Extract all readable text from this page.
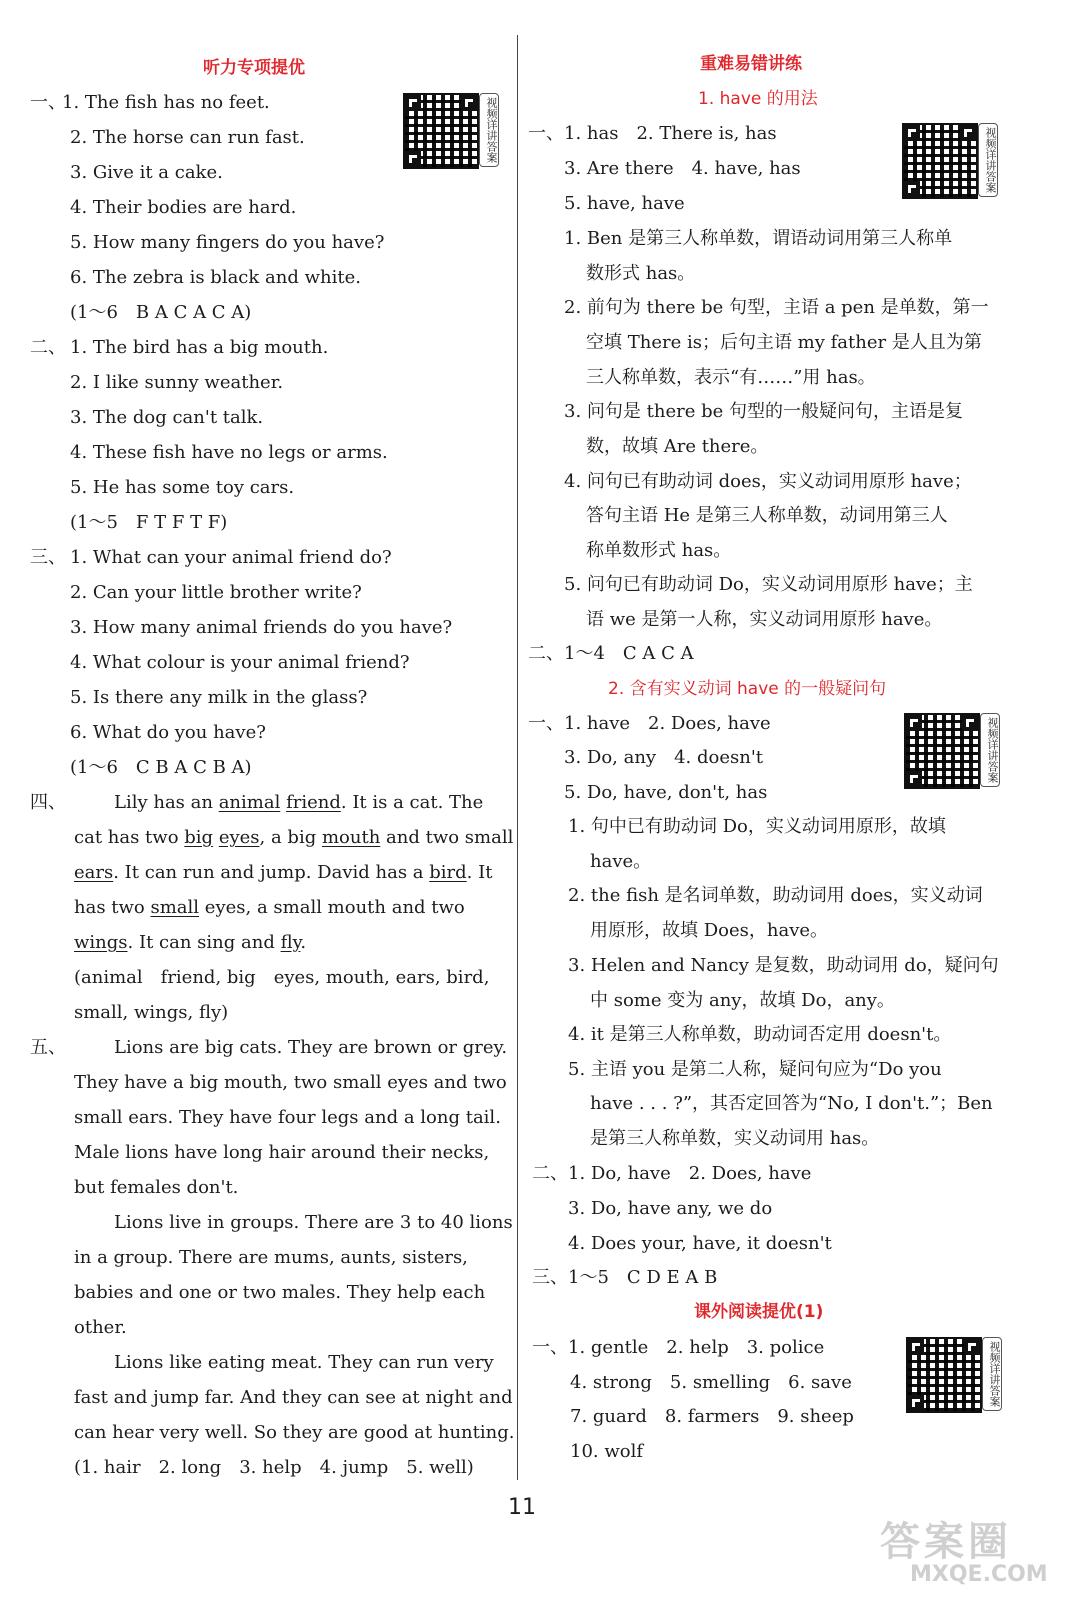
听力专项提优
视频详讲答案
一、
1. The fish has no feet.
2. The horse can run fast.
3. Give it a cake.
4. Their bodies are hard.
5. How many fingers do you have?
6. The zebra is black and white.
(1～6　B A C A C A)
二、 1. The bird has a big mouth.
2. I like sunny weather.
3. The dog can't talk.
4. These fish have no legs or arms.
5. He has some toy cars.
(1～5　F T F T F)
三、 1. What can your animal friend do?
2. Can your little brother write?
3. How many animal friends do you have?
4. What colour is your animal friend?
5. Is there any milk in the glass?
6. What do you have?
(1～6　C B A C B A)
四、	Lily has an animal friend. It is a cat. The
cat has two big eyes, a big mouth and two small
ears. It can run and jump. David has a bird. It
has two small eyes, a small mouth and two
wings. It can sing and fly.
(animal　friend, big　eyes, mouth, ears, bird,
small, wings, fly)
五、	Lions are big cats. They are brown or grey.
They have a big mouth, two small eyes and two
small ears. They have four legs and a long tail.
Male lions have long hair around their necks,
but females don't.
Lions live in groups. There are 3 to 40 lions
in a group. There are mums, aunts, sisters,
babies and one or two males. They help each
other.
Lions like eating meat. They can run very
fast and jump far. And they can see at night and
can hear very well. So they are good at hunting.
(1. hair　2. long　3. help　4. jump　5. well)
重难易错讲练
1. have 的用法
视频详讲答案
一、1. has　2. There is, has
3. Are there　4. have, has
5. have, have
1. Ben 是第三人称单数，谓语动词用第三人称单
数形式 has。
2. 前句为 there be 句型，主语 a pen 是单数，第一
空填 There is；后句主语 my father 是人且为第
三人称单数，表示“有……”用 has。
3. 问句是 there be 句型的一般疑问句，主语是复
数，故填 Are there。
4. 问句已有助动词 does，实义动词用原形 have；
答句主语 He 是第三人称单数，动词用第三人
称单数形式 has。
5. 问句已有助动词 Do，实义动词用原形 have；主
语 we 是第一人称，实义动词用原形 have。
二、1～4　C A C A
2. 含有实义动词 have 的一般疑问句
视频详讲答案
一、1. have　2. Does, have
3. Do, any　4. doesn't
5. Do, have, don't, has
1. 句中已有助动词 Do，实义动词用原形，故填
have。
2. the fish 是名词单数，助动词用 does，实义动词
用原形，故填 Does，have。
3. Helen and Nancy 是复数，助动词用 do，疑问句
中 some 变为 any，故填 Do，any。
4. it 是第三人称单数，助动词否定用 doesn't。
5. 主语 you 是第二人称，疑问句应为“Do you
have . . . ?”，其否定回答为“No, I don't.”；Ben
是第三人称单数，实义动词用 has。
二、1. Do, have　2. Does, have
3. Do, have any, we do
4. Does your, have, it doesn't
三、1～5　C D E A B
课外阅读提优(1)
视频详讲答案
一、1. gentle　2. help　3. police
4. strong　5. smelling　6. save
7. guard　8. farmers　9. sheep
10. wolf
11
答案圈
MXQE.COM
